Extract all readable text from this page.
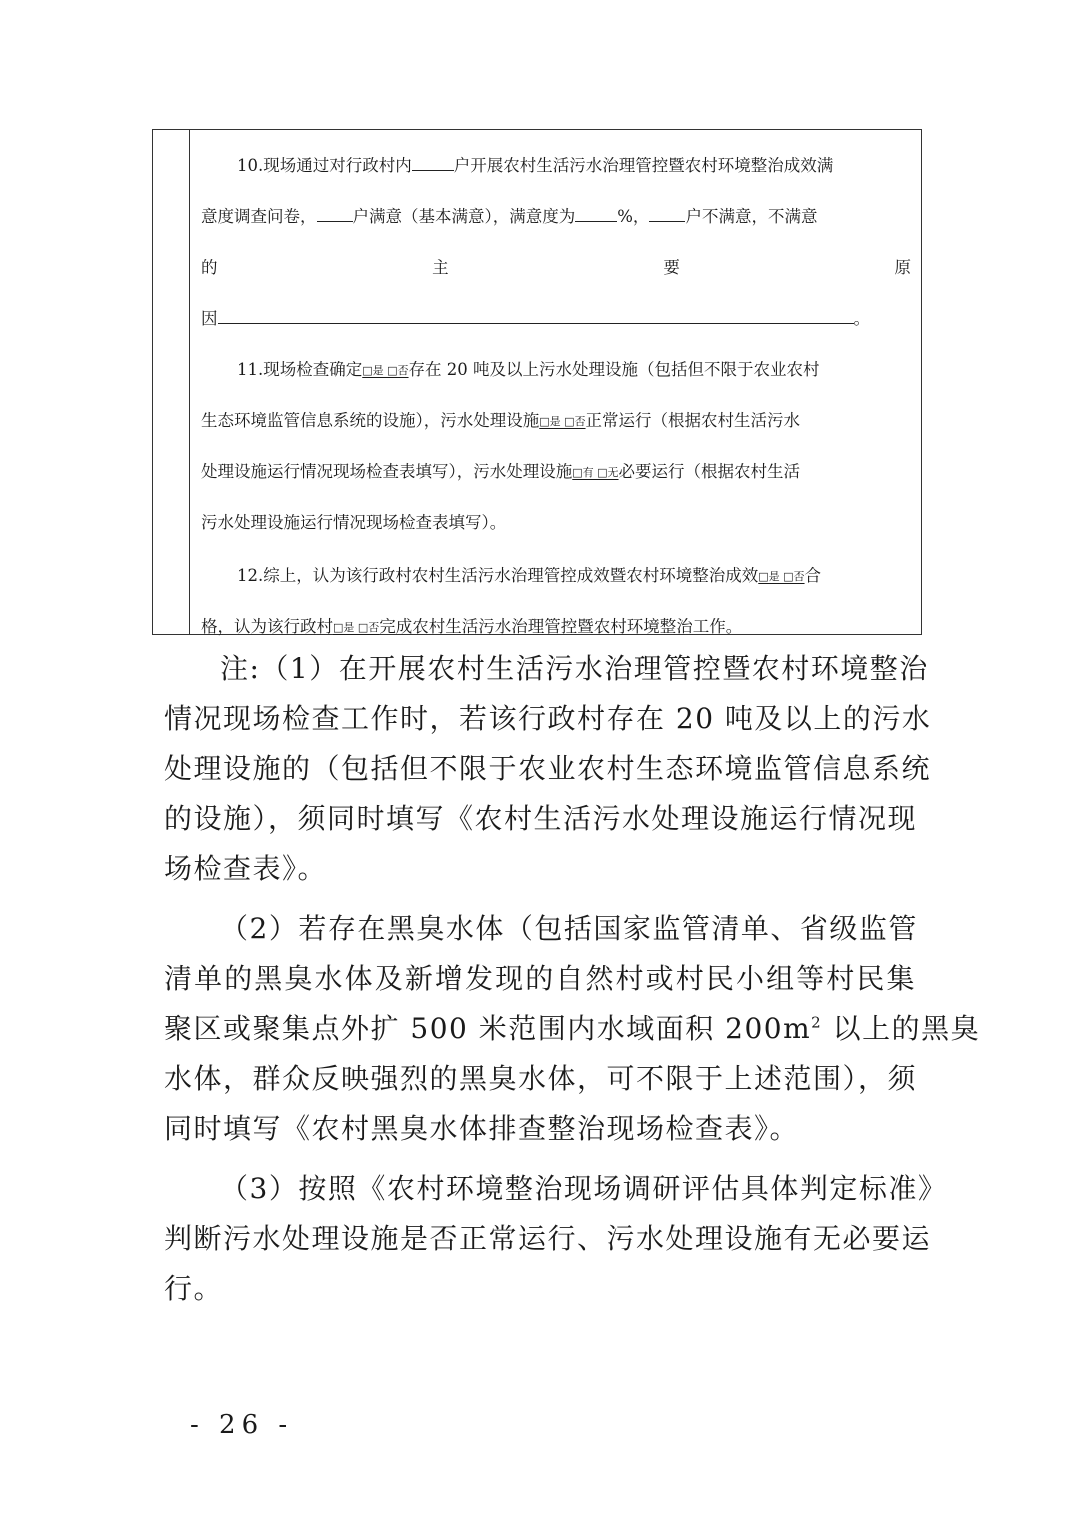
10.现场通过对行政村内	户开展农村生活污水治理管控暨农村环境整治成效满
意度调查问卷， 户满意（基本满意），满意度为	%， 户不满意，不满意
的	主	要	原
因	。
11.现场检查确定□是 □否存在 20 吨及以上污水处理设施（包括但不限于农业农村
生态环境监管信息系统的设施），污水处理设施□是 □否正常运行（根据农村生活污水
处理设施运行情况现场检查表填写），污水处理设施□有 □无必要运行（根据农村生活
污水处理设施运行情况现场检查表填写）。
12.综上，认为该行政村农村生活污水治理管控成效暨农村环境整治成效□是 □否合
格，认为该行政村□是 □否完成农村生活污水治理管控暨农村环境整治工作。
注:（1）在开展农村生活污水治理管控暨农村环境整治
情况现场检查工作时，若该行政村存在 20 吨及以上的污水
处理设施的（包括但不限于农业农村生态环境监管信息系统
的设施），须同时填写《农村生活污水处理设施运行情况现
场检查表》。
（2）若存在黑臭水体（包括国家监管清单、省级监管
清单的黑臭水体及新增发现的自然村或村民小组等村民集
聚区或聚集点外扩 500 米范围内水域面积 $200m^2$ 以上的黑臭
水体，群众反映强烈的黑臭水体，可不限于上述范围），须
同时填写《农村黑臭水体排查整治现场检查表》。
（3）按照《农村环境整治现场调研评估具体判定标准》
判断污水处理设施是否正常运行、污水处理设施有无必要运
行。
- 26 -
